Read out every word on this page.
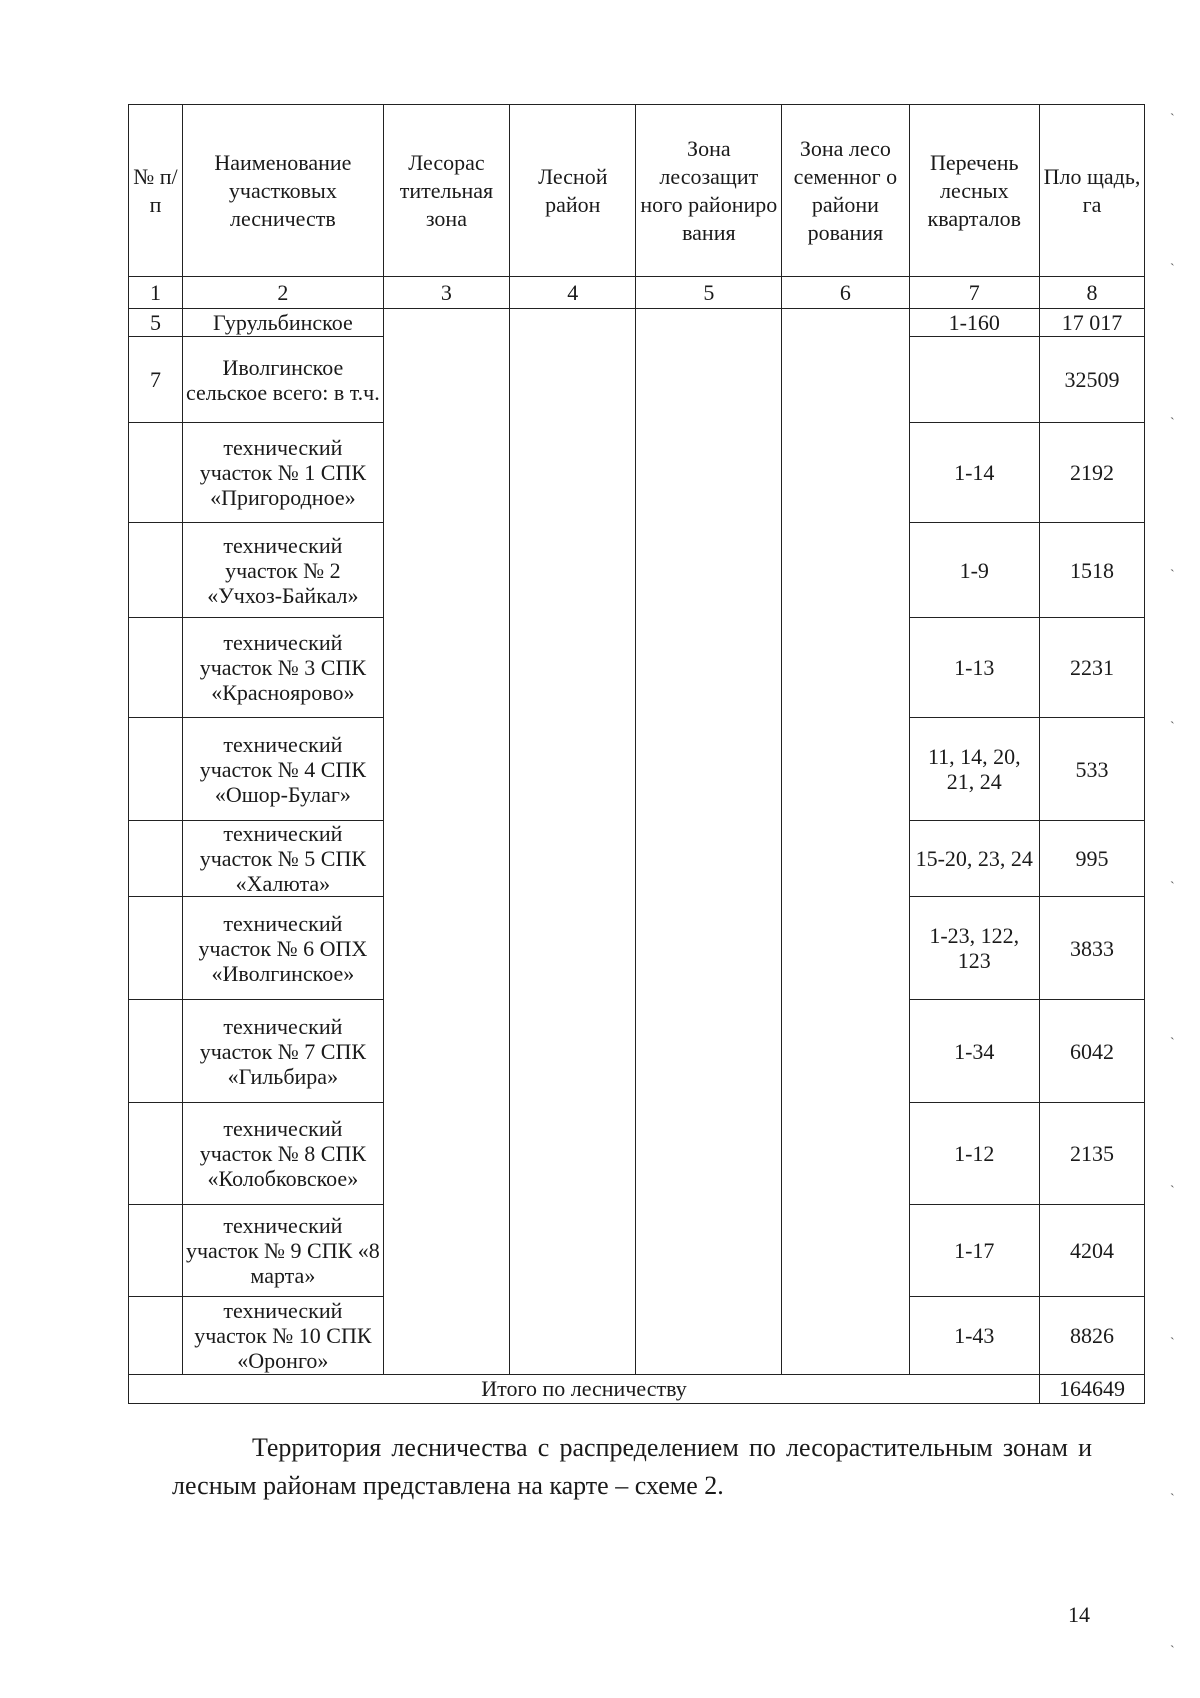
№ п/п	Наименование участковых лесничеств	Лесорас тительная зона	Лесной район	Зона лесозащит ного райониро вания	Зона лесо семенног о райони рования	Перечень лесных кварталов	Пло щадь, га
1	2	3	4	5	6	7	8
5	Гурульбинское					1-160	17 017
7	Иволгинское сельское всего: в т.ч.						32509
	технический участок № 1 СПК «Пригородное»					1-14	2192
	технический участок № 2 «Учхоз-Байкал»					1-9	1518
	технический участок № 3 СПК «Краснoярово»					1-13	2231
	технический участок № 4 СПК «Ошор-Булаг»					11, 14, 20, 21, 24	533
	технический участок № 5 СПК «Халюта»					15-20, 23, 24	995
	технический участок № 6 ОПХ «Иволгинское»					1-23, 122, 123	3833
	технический участок № 7 СПК «Гильбира»					1-34	6042
	технический участок № 8 СПК «Колобковское»					1-12	2135
	технический участок № 9 СПК «8 марта»					1-17	4204
	технический участок № 10 СПК «Оронго»					1-43	8826
Итого по лесничеству							164649
Территория лесничества с распределением по лесорастительным зонам и лесным районам представлена на карте – схеме 2.
14
`
`
`
`
`
`
`
`
`
`
`
